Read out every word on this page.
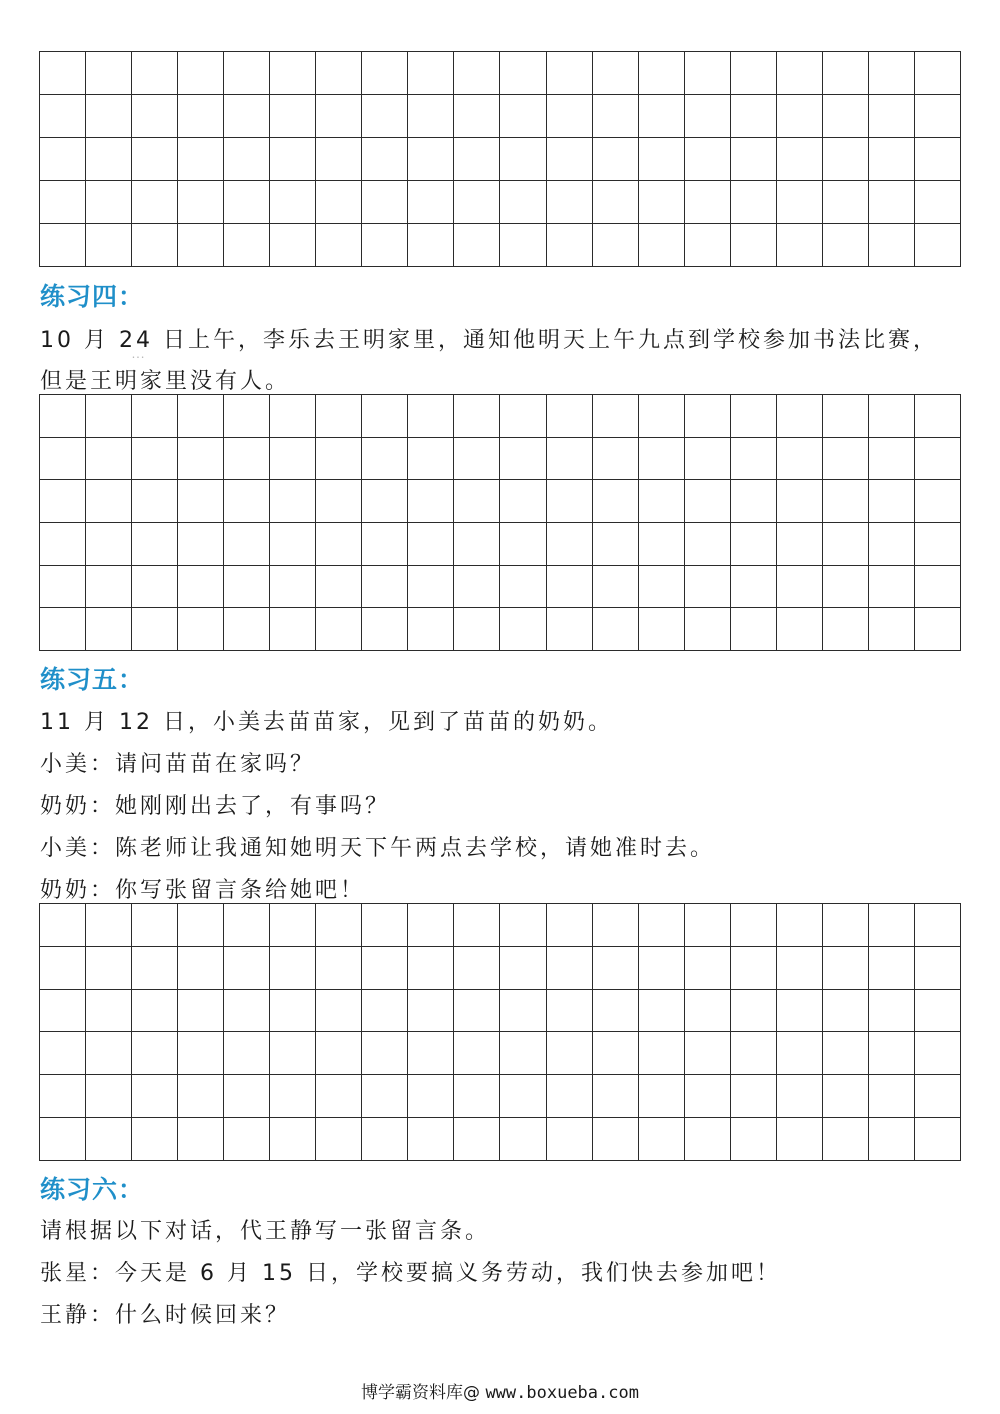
练习四：

10 月 24 日上午，李乐去王明家里，通知他明天上午九点到学校参加书法比赛，

• • •

但是王明家里没有人。

练习五：

11 月 12 日，小美去苗苗家，见到了苗苗的奶奶。

小美：请问苗苗在家吗？

奶奶：她刚刚出去了，有事吗？

小美：陈老师让我通知她明天下午两点去学校，请她准时去。

奶奶：你写张留言条给她吧！

练习六：

请根据以下对话，代王静写一张留言条。

张星：今天是 6 月 15 日，学校要搞义务劳动，我们快去参加吧！

王静：什么时候回来？

博学霸资料库@ www.boxueba.com
